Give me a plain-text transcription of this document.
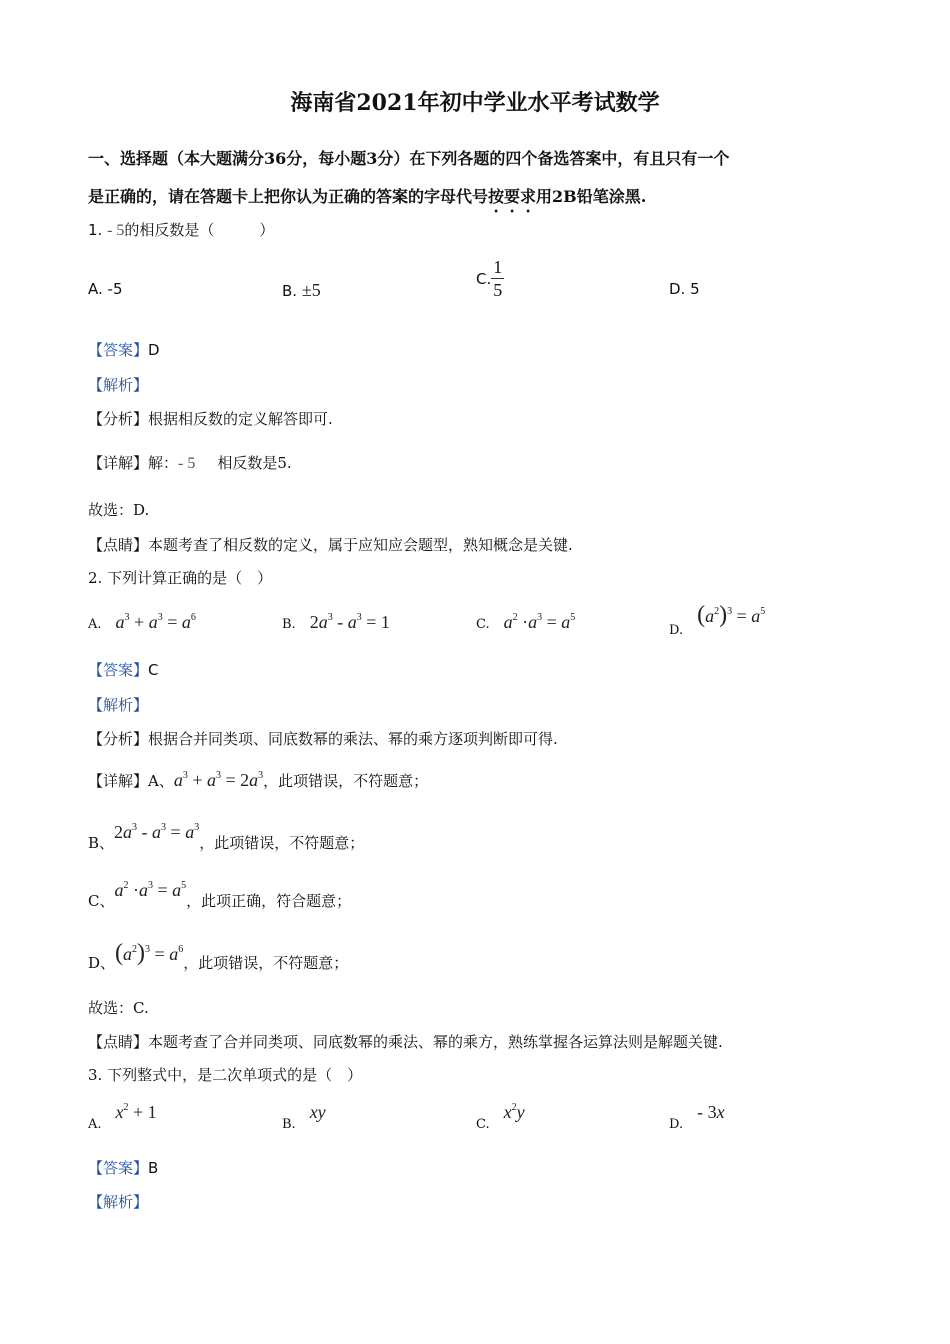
海南省2021年初中学业水平考试数学
一、选择题（本大题满分36分，每小题3分）在下列各题的四个备选答案中，有且只有一个
是正确的，请在答题卡上把你认为正确的答案的字母代号按要求用2B铅笔涂黑.
1. - 5的相反数是（　　　）
A. -5	B. ±5
C. $\frac{1}{5}$	D. 5
【答案】D
【解析】
【分析】根据相反数的定义解答即可.
【详解】解：- 5 相反数是5.
故选：D.
【点睛】本题考查了相反数的定义，属于应知应会题型，熟知概念是关键.
2. 下列计算正确的是（　）
A. $a^3 + a^3 = a^6$	B. $2a^3 - a^3 = 1$	C. $a^2 \cdot a^3 = a^5$
$D.(a^2)^3 = a^5$
【答案】C
【解析】
【分析】根据合并同类项、同底数幂的乘法、幂的乘方逐项判断即可得.
【详解】A、$a^3 + a^3 = 2a^3$，此项错误，不符题意；
B、$2a^3 - a^3 = a^3$，此项错误，不符题意；
C、$a^2 \cdot a^3 = a^5$，此项正确，符合题意；
D、$(a^2)^3 = a^6$，此项错误，不符题意；
故选：C.
【点睛】本题考查了合并同类项、同底数幂的乘法、幂的乘方，熟练掌握各运算法则是解题关键.
3. 下列整式中，是二次单项式的是（　）
$A.x^2 + 1$
B.xy
$C.x^2y$
D.- 3x
【答案】B
【解析】
